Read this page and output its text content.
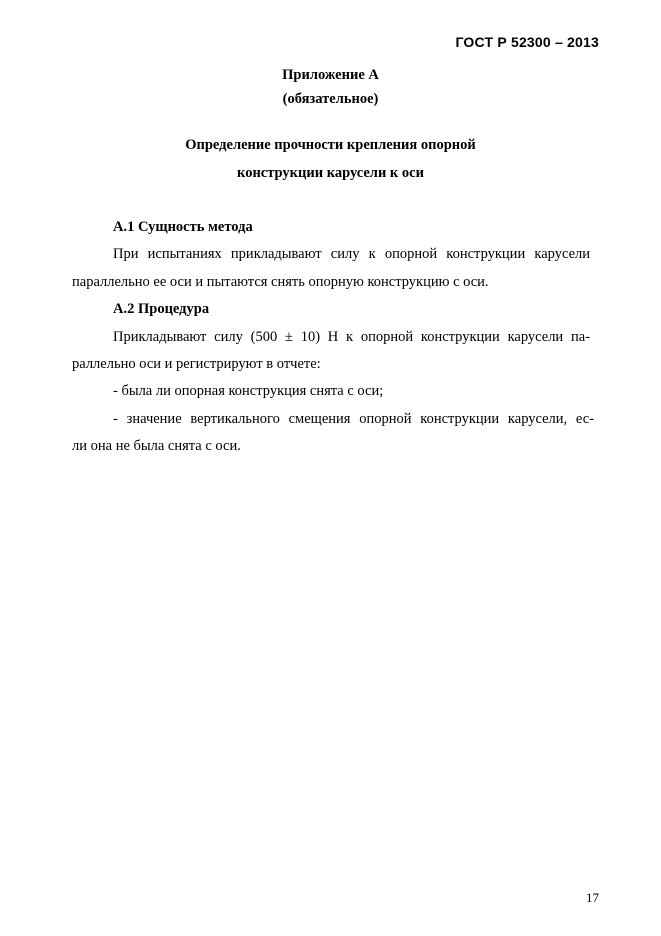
ГОСТ Р 52300 – 2013
Приложение А
(обязательное)
Определение прочности крепления опорной
конструкции карусели к оси
А.1 Сущность метода
При испытаниях прикладывают силу к опорной конструкции карусели
параллельно ее оси и пытаются снять опорную конструкцию с оси.
А.2 Процедура
Прикладывают силу (500 ± 10) Н к опорной конструкции карусели па-
раллельно оси и регистрируют в отчете:
- была ли опорная конструкция снята с оси;
- значение вертикального смещения опорной конструкции карусели, ес-
ли она не была снята с оси.
17
